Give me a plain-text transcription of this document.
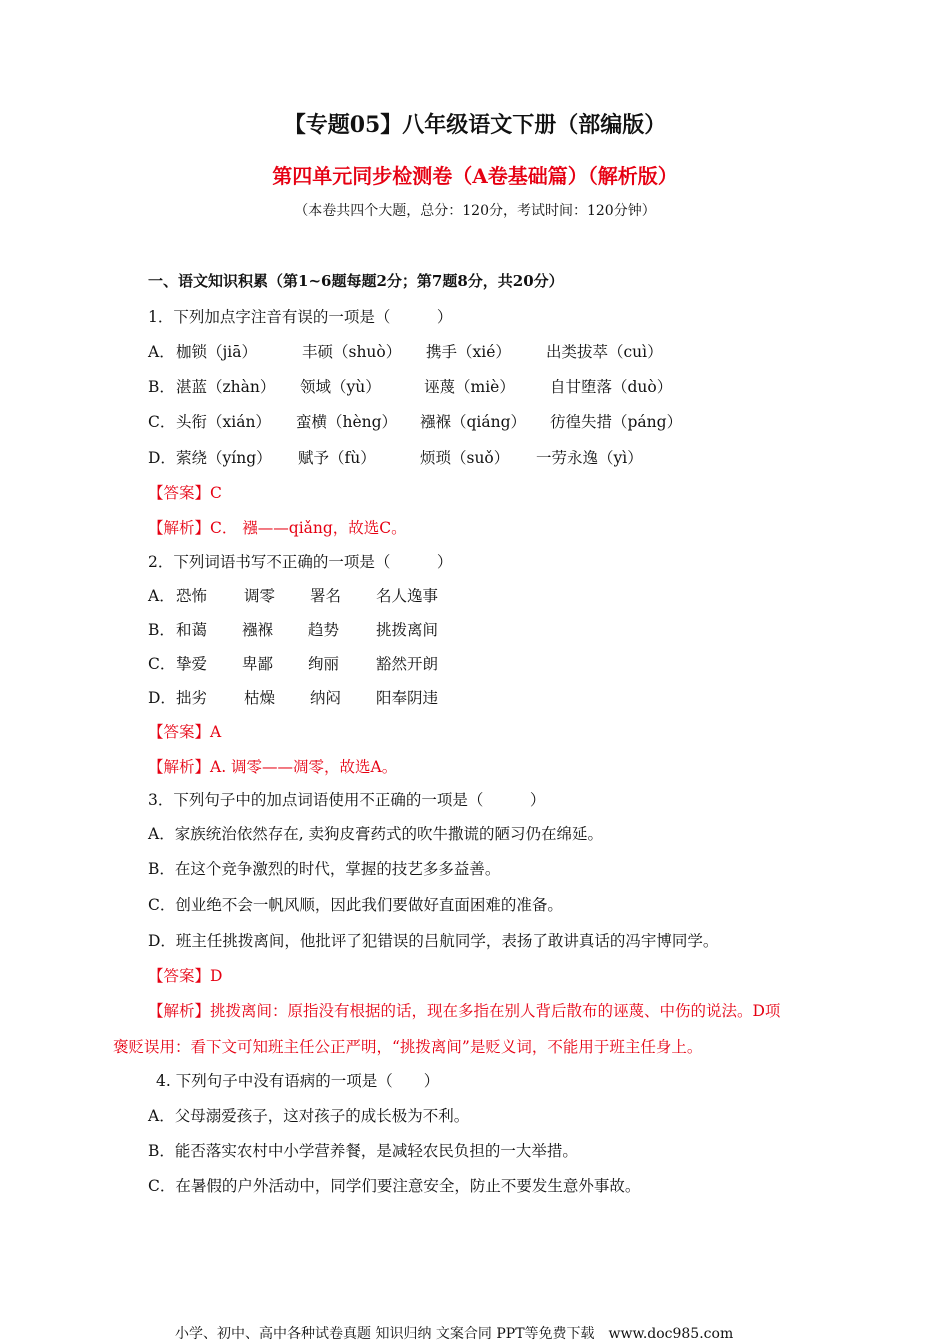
【专题05】八年级语文下册（部编版）
第四单元同步检测卷（A卷基础篇）（解析版）
（本卷共四个大题，总分：120分，考试时间：120分钟）
一、语文知识积累（第1~6题每题2分；第7题8分，共20分）
1．下列加点字注音有误的一项是（　　　）
A． 枷锁（jiā）	丰硕（shuò） 携手（xié） 出类拔萃（cuì）
B． 湛蓝（zhàn） 领域（yù）	诬蔑（miè） 自甘堕落（duò）
C． 头衔（xián） 蛮横（hèng） 襁褓（qiáng） 彷徨失措（páng）
D． 萦绕（yíng） 赋予（fù）	烦琐（suǒ） 一劳永逸（yì）
【答案】C
【解析】C． 襁——qiǎng，故选C。
2．下列词语书写不正确的一项是（　　　）
A． 恐怖 调零 署名 名人逸事
B． 和蔼 襁褓 趋势 挑拨离间
C． 挚爱 卑鄙 绚丽 豁然开朗
D． 拙劣 枯燥 纳闷 阳奉阴违
【答案】A
【解析】A. 调零——凋零，故选A。
3．下列句子中的加点词语使用不正确的一项是（　　　）
A．家族统治依然存在, 卖狗皮膏药式的吹牛撒谎的陋习仍在绵延。
B．在这个竞争激烈的时代，掌握的技艺多多益善。
C．创业绝不会一帆风顺，因此我们要做好直面困难的准备。
D．班主任挑拨离间，他批评了犯错误的吕航同学，表扬了敢讲真话的冯宇博同学。
【答案】D
【解析】挑拨离间：原指没有根据的话，现在多指在别人背后散布的诬蔑、中伤的说法。D项
褒贬误用：看下文可知班主任公正严明，“挑拨离间”是贬义词，不能用于班主任身上。
4. 下列句子中没有语病的一项是（　　）
A．父母溺爱孩子，这对孩子的成长极为不利。
B．能否落实农村中小学营养餐，是减轻农民负担的一大举措。
C．在暑假的户外活动中，同学们要注意安全，防止不要发生意外事故。
小学、初中、高中各种试卷真题 知识归纳 文案合同 PPT等免费下载　www.doc985.com
